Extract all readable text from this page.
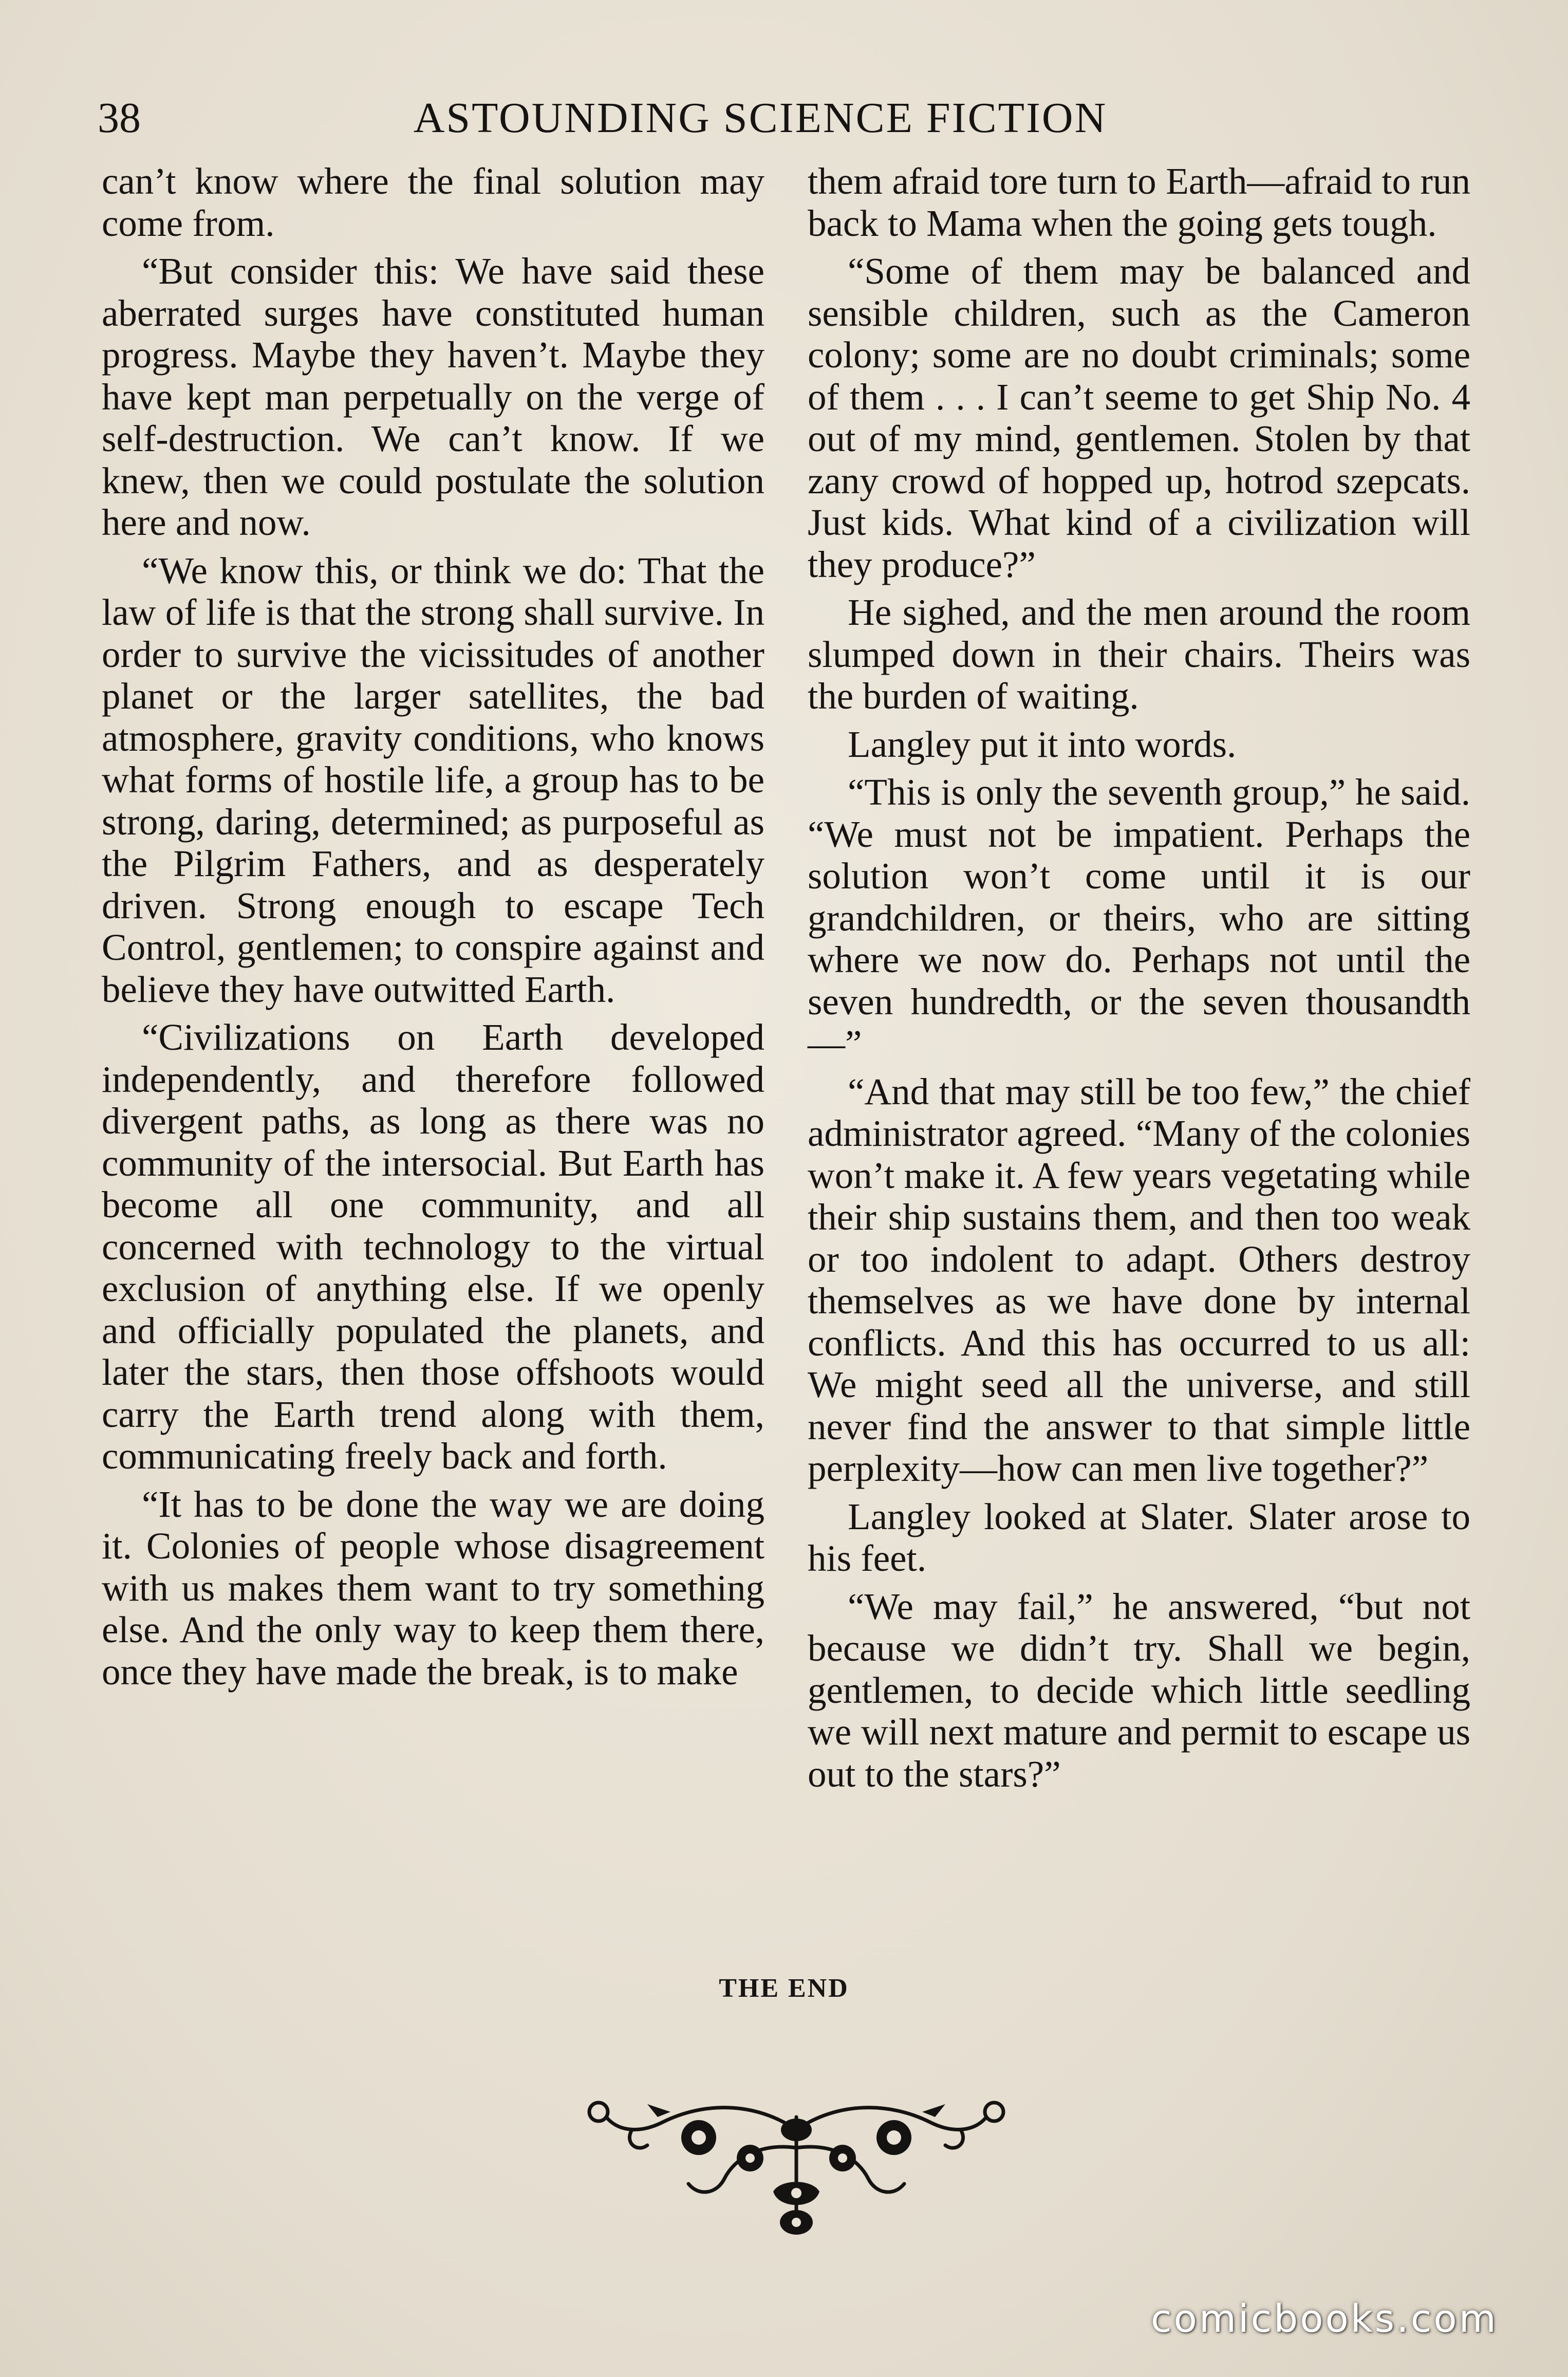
38	ASTOUNDING SCIENCE FICTION

can’t know where the final solution may come from.

“But consider this: We have said these aberrated surges have constituted human progress. Maybe they haven’t. Maybe they have kept man perpetually on the verge of self-destruction. We can’t know. If we knew, then we could postulate the solution here and now.

“We know this, or think we do: That the law of life is that the strong shall survive. In order to survive the vicissitudes of another planet or the larger satellites, the bad atmosphere, gravity conditions, who knows what forms of hostile life, a group has to be strong, daring, determined; as purposeful as the Pilgrim Fathers, and as desperately driven. Strong enough to escape Tech Control, gentlemen; to conspire against and believe they have outwitted Earth.

“Civilizations on Earth developed independently, and therefore followed divergent paths, as long as there was no community of the intersocial. But Earth has become all one community, and all concerned with technology to the virtual exclusion of anything else. If we openly and officially populated the planets, and later the stars, then those offshoots would carry the Earth trend along with them, communicating freely back and forth.

“It has to be done the way we are doing it. Colonies of people whose disagreement with us makes them want to try something else. And the only way to keep them there, once they have made the break, is to make

them afraid tore turn to Earth—afraid to run back to Mama when the going gets tough.

“Some of them may be balanced and sensible children, such as the Cameron colony; some are no doubt criminals; some of them . . . I can’t seeme to get Ship No. 4 out of my mind, gentlemen. Stolen by that zany crowd of hopped up, hotrod szepcats. Just kids. What kind of a civilization will they produce?”

He sighed, and the men around the room slumped down in their chairs. Theirs was the burden of waiting.

Langley put it into words.

“This is only the seventh group,” he said. “We must not be impatient. Perhaps the solution won’t come until it is our grandchildren, or theirs, who are sitting where we now do. Perhaps not until the seven hundredth, or the seven thousandth—”

“And that may still be too few,” the chief administrator agreed. “Many of the colonies won’t make it. A few years vegetating while their ship sustains them, and then too weak or too indolent to adapt. Others destroy themselves as we have done by internal conflicts. And this has occurred to us all: We might seed all the universe, and still never find the answer to that simple little perplexity—how can men live together?”

Langley looked at Slater. Slater arose to his feet.

“We may fail,” he answered, “but not because we didn’t try. Shall we begin, gentlemen, to decide which little seedling we will next mature and permit to escape us out to the stars?”

THE END
comicbooks.com
